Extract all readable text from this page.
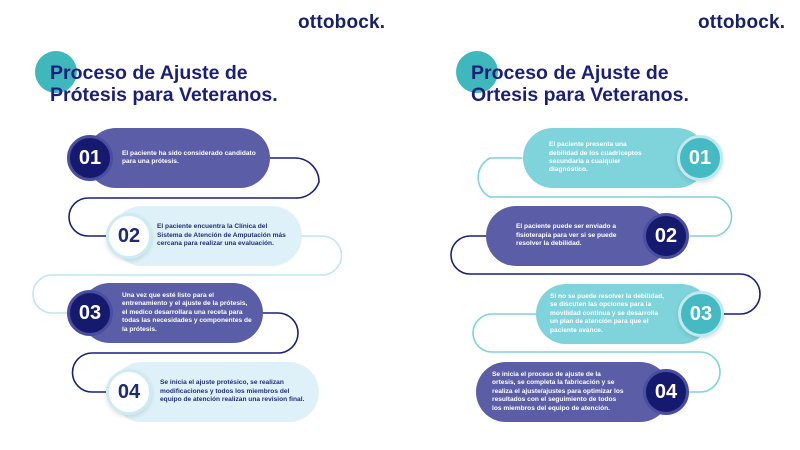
ottobock.	ottobock.
Proceso de Ajuste de
Prótesis para Veteranos.
El paciente ha sido considerado candidato para una prótesis.
01
El paciente encuentra la Clínica del Sistema de Atención de Amputación más cercana para realizar una evaluación.
02
Una vez que esté listo para el entrenamiento y el ajuste de la prótesis, el medico desarrollara una receta para todas las necesidades y componentes de la prótesis.
03
Se inicia el ajuste protésico, se realizan modificaciones y todos los miembros del equipo de atención realizan una revision final.
04
Proceso de Ajuste de
Ortesis para Veteranos.
El paciente presenta una debilidad de los cuadriceptos secundaria a cualquier diagnóstico.
01
El paciente puede ser enviado a fisioterapia para ver si se puede resolver la debilidad.	02
Si no se puede resolver la debilidad, se discuten las opciones para la movilidad continua y se desarrolla un plan de atención para que el paciente avance.
03
Se inicia el proceso de ajuste de la ortesis, se completa la fabricación y se realiza el ajuste/ajustes para optimizar los resultados con el seguimiento de todos los miembros del equipo de atención.
04
